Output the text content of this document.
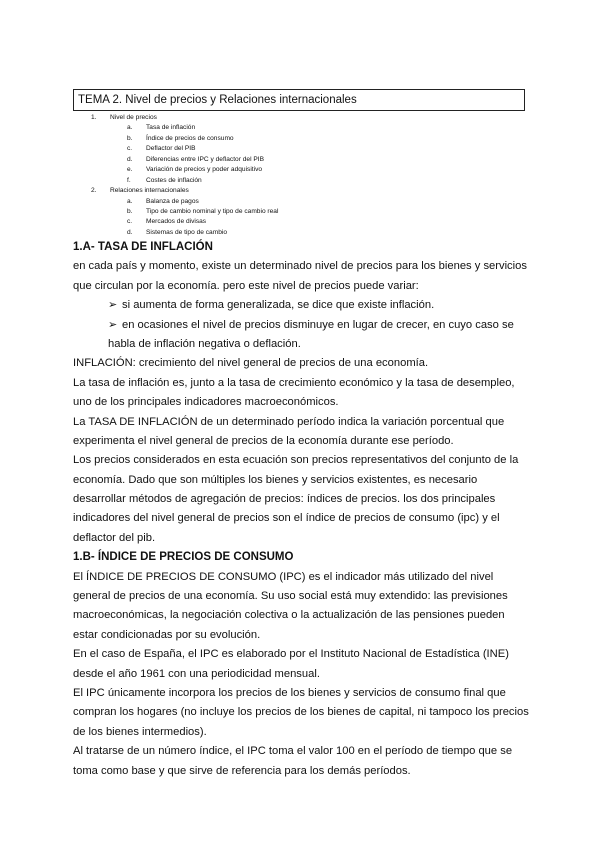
TEMA 2. Nivel de precios y Relaciones internacionales
1. Nivel de precios
a. Tasa de inflación
b. Índice de precios de consumo
c. Deflactor del PIB
d. Diferencias entre IPC y deflactor del PIB
e. Variación de precios y poder adquisitivo
f. Costes de inflación
2. Relaciones internacionales
a. Balanza de pagos
b. Tipo de cambio nominal y tipo de cambio real
c. Mercados de divisas
d. Sistemas de tipo de cambio
1.A- TASA DE INFLACIÓN
en cada país y momento, existe un determinado nivel de precios para los bienes y servicios
que circulan por la economía. pero este nivel de precios puede variar:
➢ si aumenta de forma generalizada, se dice que existe inflación.
➢ en ocasiones el nivel de precios disminuye en lugar de crecer, en cuyo caso se
habla de inflación negativa o deflación.
INFLACIÓN: crecimiento del nivel general de precios de una economía.
La tasa de inflación es, junto a la tasa de crecimiento económico y la tasa de desempleo,
uno de los principales indicadores macroeconómicos.
La TASA DE INFLACIÓN de un determinado período indica la variación porcentual que
experimenta el nivel general de precios de la economía durante ese período.
Los precios considerados en esta ecuación son precios representativos del conjunto de la
economía. Dado que son múltiples los bienes y servicios existentes, es necesario
desarrollar métodos de agregación de precios: índices de precios. los dos principales
indicadores del nivel general de precios son el índice de precios de consumo (ipc) y el
deflactor del pib.
1.B- ÍNDICE DE PRECIOS DE CONSUMO
El ÍNDICE DE PRECIOS DE CONSUMO (IPC) es el indicador más utilizado del nivel
general de precios de una economía. Su uso social está muy extendido: las previsiones
macroeconómicas, la negociación colectiva o la actualización de las pensiones pueden
estar condicionadas por su evolución.
En el caso de España, el IPC es elaborado por el Instituto Nacional de Estadística (INE)
desde el año 1961 con una periodicidad mensual.
El IPC únicamente incorpora los precios de los bienes y servicios de consumo final que
compran los hogares (no incluye los precios de los bienes de capital, ni tampoco los precios
de los bienes intermedios).
Al tratarse de un número índice, el IPC toma el valor 100 en el período de tiempo que se
toma como base y que sirve de referencia para los demás períodos.
